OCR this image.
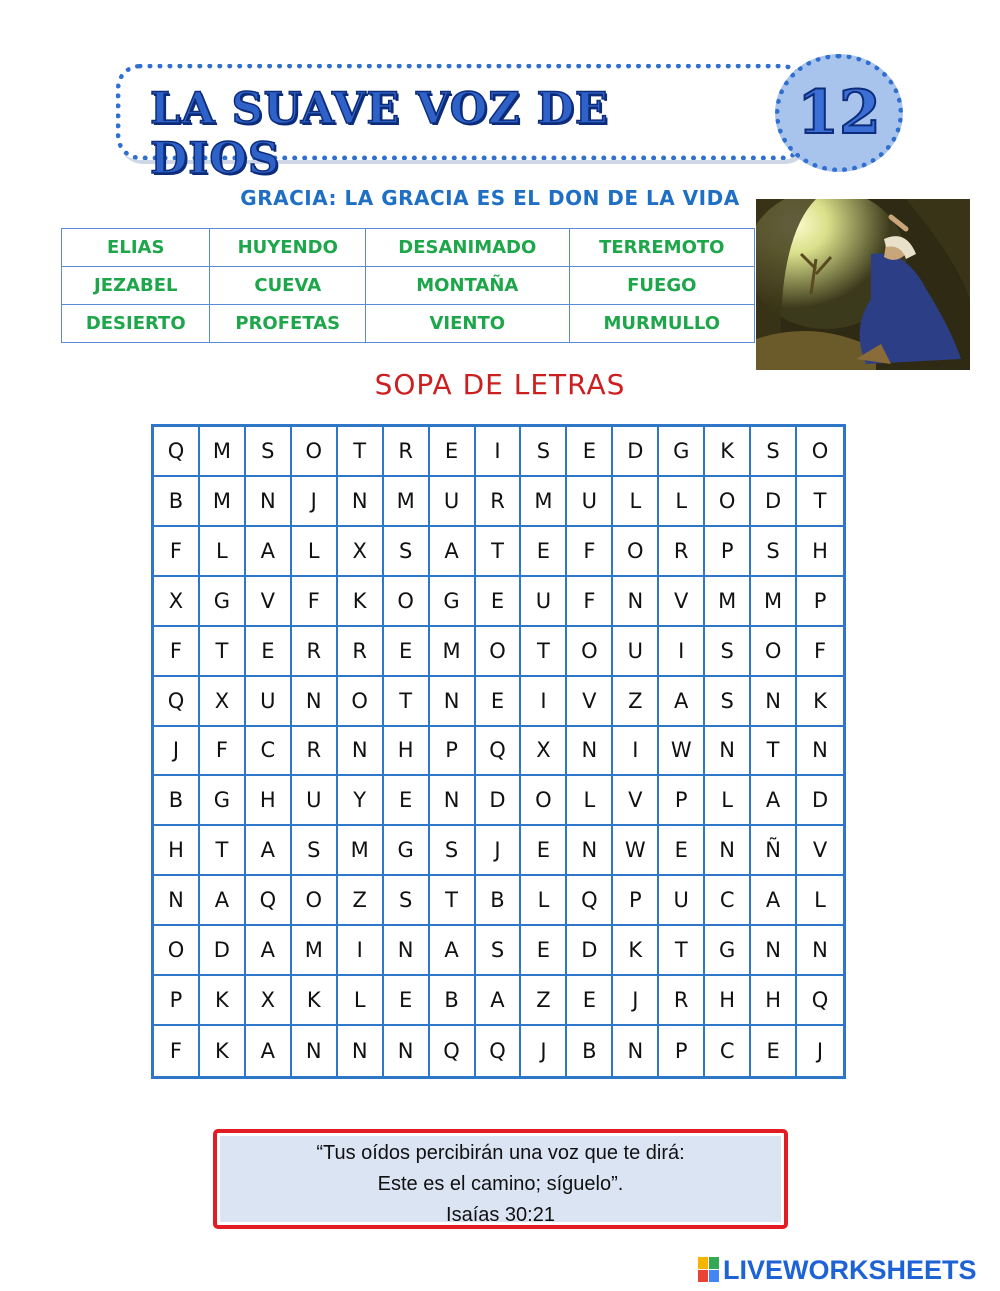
LA SUAVE VOZ DE DIOS
12
GRACIA: LA GRACIA ES EL DON DE LA VIDA
ELIAS	HUYENDO	DESANIMADO	TERREMOTO
JEZABEL	CUEVA	MONTAÑA	FUEGO
DESIERTO	PROFETAS	VIENTO	MURMULLO
SOPA DE LETRAS
Q	M	S	O	T	R	E	I	S	E	D	G	K	S	O
B	M	N	J	N	M	U	R	M	U	L	L	O	D	T
F	L	A	L	X	S	A	T	E	F	O	R	P	S	H
X	G	V	F	K	O	G	E	U	F	N	V	M	M	P
F	T	E	R	R	E	M	O	T	O	U	I	S	O	F
Q	X	U	N	O	T	N	E	I	V	Z	A	S	N	K
J	F	C	R	N	H	P	Q	X	N	I	W	N	T	N
B	G	H	U	Y	E	N	D	O	L	V	P	L	A	D
H	T	A	S	M	G	S	J	E	N	W	E	N	Ñ	V
N	A	Q	O	Z	S	T	B	L	Q	P	U	C	A	L
O	D	A	M	I	N	A	S	E	D	K	T	G	N	N
P	K	X	K	L	E	B	A	Z	E	J	R	H	H	Q
F	K	A	N	N	N	Q	Q	J	B	N	P	C	E	J
“Tus oídos percibirán una voz que te dirá:
Este es el camino; síguelo”.
Isaías 30:21
LIVEWORKSHEETS
